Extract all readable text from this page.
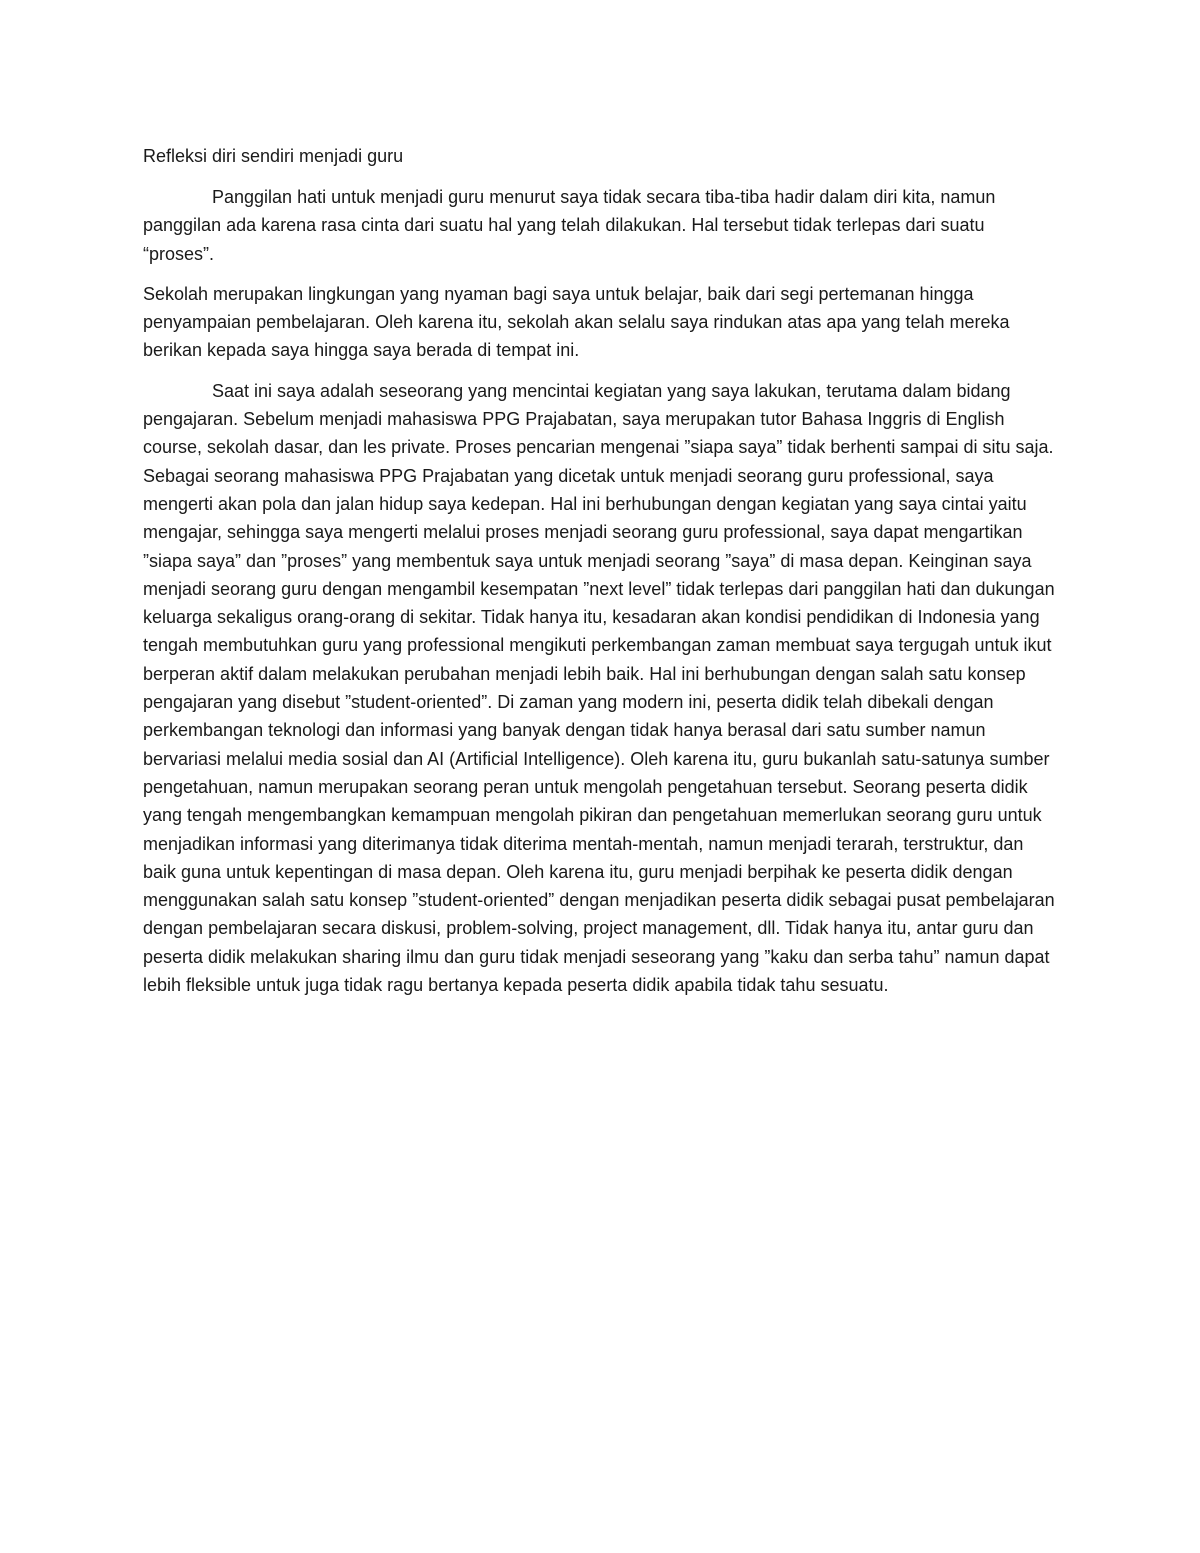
Refleksi diri sendiri menjadi guru

Panggilan hati untuk menjadi guru menurut saya tidak secara tiba-tiba hadir dalam diri kita, namun panggilan ada karena rasa cinta dari suatu hal yang telah dilakukan. Hal tersebut tidak terlepas dari suatu “proses”.

Sekolah merupakan lingkungan yang nyaman bagi saya untuk belajar, baik dari segi pertemanan hingga penyampaian pembelajaran. Oleh karena itu, sekolah akan selalu saya rindukan atas apa yang telah mereka berikan kepada saya hingga saya berada di tempat ini.

Saat ini saya adalah seseorang yang mencintai kegiatan yang saya lakukan, terutama dalam bidang pengajaran. Sebelum menjadi mahasiswa PPG Prajabatan, saya merupakan tutor Bahasa Inggris di English course, sekolah dasar, dan les private. Proses pencarian mengenai ”siapa saya” tidak berhenti sampai di situ saja. Sebagai seorang mahasiswa PPG Prajabatan yang dicetak untuk menjadi seorang guru professional, saya mengerti akan pola dan jalan hidup saya kedepan. Hal ini berhubungan dengan kegiatan yang saya cintai yaitu mengajar, sehingga saya mengerti melalui proses menjadi seorang guru professional, saya dapat mengartikan ”siapa saya” dan ”proses” yang membentuk saya untuk menjadi seorang ”saya” di masa depan. Keinginan saya menjadi seorang guru dengan mengambil kesempatan ”next level” tidak terlepas dari panggilan hati dan dukungan keluarga sekaligus orang-orang di sekitar. Tidak hanya itu, kesadaran akan kondisi pendidikan di Indonesia yang tengah membutuhkan guru yang professional mengikuti perkembangan zaman membuat saya tergugah untuk ikut berperan aktif dalam melakukan perubahan menjadi lebih baik. Hal ini berhubungan dengan salah satu konsep pengajaran yang disebut ”student-oriented”. Di zaman yang modern ini, peserta didik telah dibekali dengan perkembangan teknologi dan informasi yang banyak dengan tidak hanya berasal dari satu sumber namun bervariasi melalui media sosial dan AI (Artificial Intelligence). Oleh karena itu, guru bukanlah satu-satunya sumber pengetahuan, namun merupakan seorang peran untuk mengolah pengetahuan tersebut. Seorang peserta didik yang tengah mengembangkan kemampuan mengolah pikiran dan pengetahuan memerlukan seorang guru untuk menjadikan informasi yang diterimanya tidak diterima mentah-mentah, namun menjadi terarah, terstruktur, dan baik guna untuk kepentingan di masa depan. Oleh karena itu, guru menjadi berpihak ke peserta didik dengan menggunakan salah satu konsep ”student-oriented” dengan menjadikan peserta didik sebagai pusat pembelajaran dengan pembelajaran secara diskusi, problem-solving, project management, dll. Tidak hanya itu, antar guru dan peserta didik melakukan sharing ilmu dan guru tidak menjadi seseorang yang ”kaku dan serba tahu” namun dapat lebih fleksible untuk juga tidak ragu bertanya kepada peserta didik apabila tidak tahu sesuatu.
